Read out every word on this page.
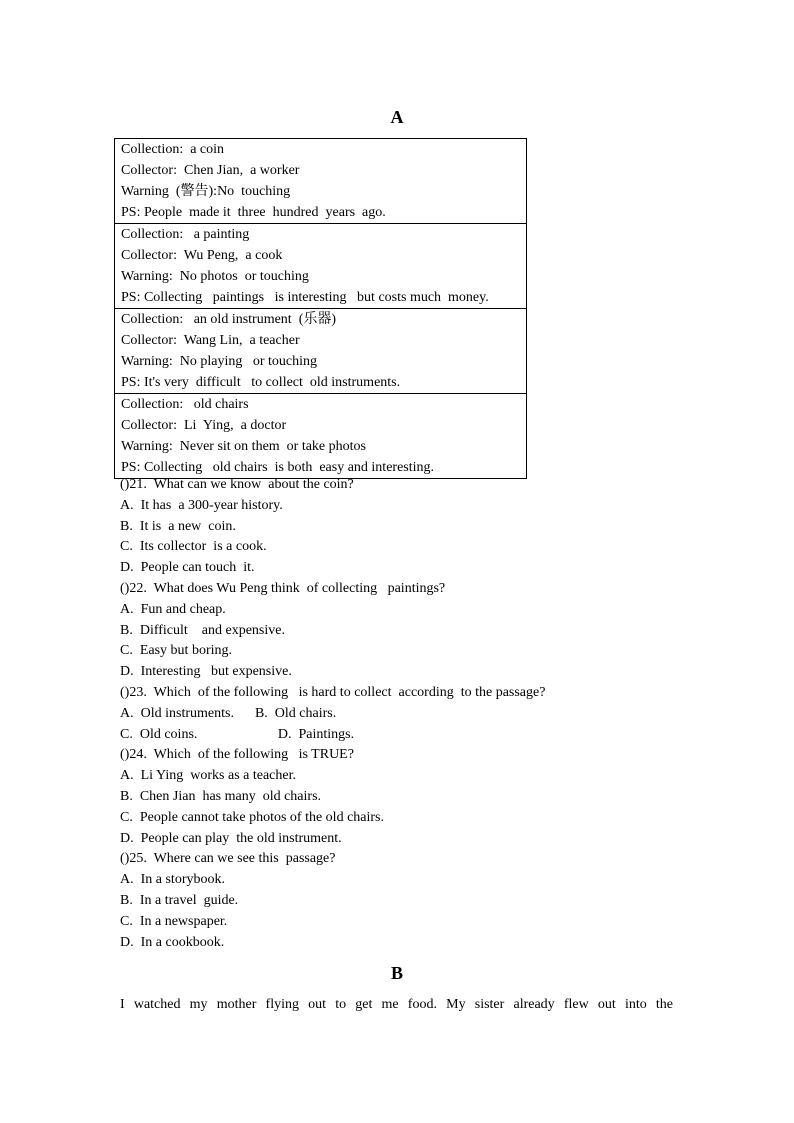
A
Collection:  a coin
Collector:  Chen Jian,  a worker
Warning  (警告):No  touching
PS: People  made it  three  hundred  years  ago.
Collection:   a painting
Collector:  Wu Peng,  a cook
Warning:  No photos  or touching
PS: Collecting   paintings   is interesting   but costs much  money.
Collection:   an old instrument  (乐器)
Collector:  Wang Lin,  a teacher
Warning:  No playing   or touching
PS: It's very  difficult   to collect  old instruments.
Collection:   old chairs
Collector:  Li  Ying,  a doctor
Warning:  Never sit on them  or take photos
PS: Collecting   old chairs  is both  easy and interesting.
()21.  What can we know  about the coin?
A.  It has  a 300-year history.
B.  It is  a new  coin.
C.  Its collector  is a cook.
D.  People can touch  it.
()22.  What does Wu Peng think  of collecting   paintings?
A.  Fun and cheap.
B.  Difficult    and expensive.
C.  Easy but boring.
D.  Interesting   but expensive.
()23.  Which  of the following   is hard to collect  according  to the passage?
A.  Old instruments.      B.  Old chairs.
C.  Old coins.                       D.  Paintings.
()24.  Which  of the following   is TRUE?
A.  Li Ying  works as a teacher.
B.  Chen Jian  has many  old chairs.
C.  People cannot take photos of the old chairs.
D.  People can play  the old instrument.
()25.  Where can we see this  passage?
A.  In a storybook.
B.  In a travel  guide.
C.  In a newspaper.
D.  In a cookbook.
B
I watched my mother flying out to get me food. My sister already flew out into the
